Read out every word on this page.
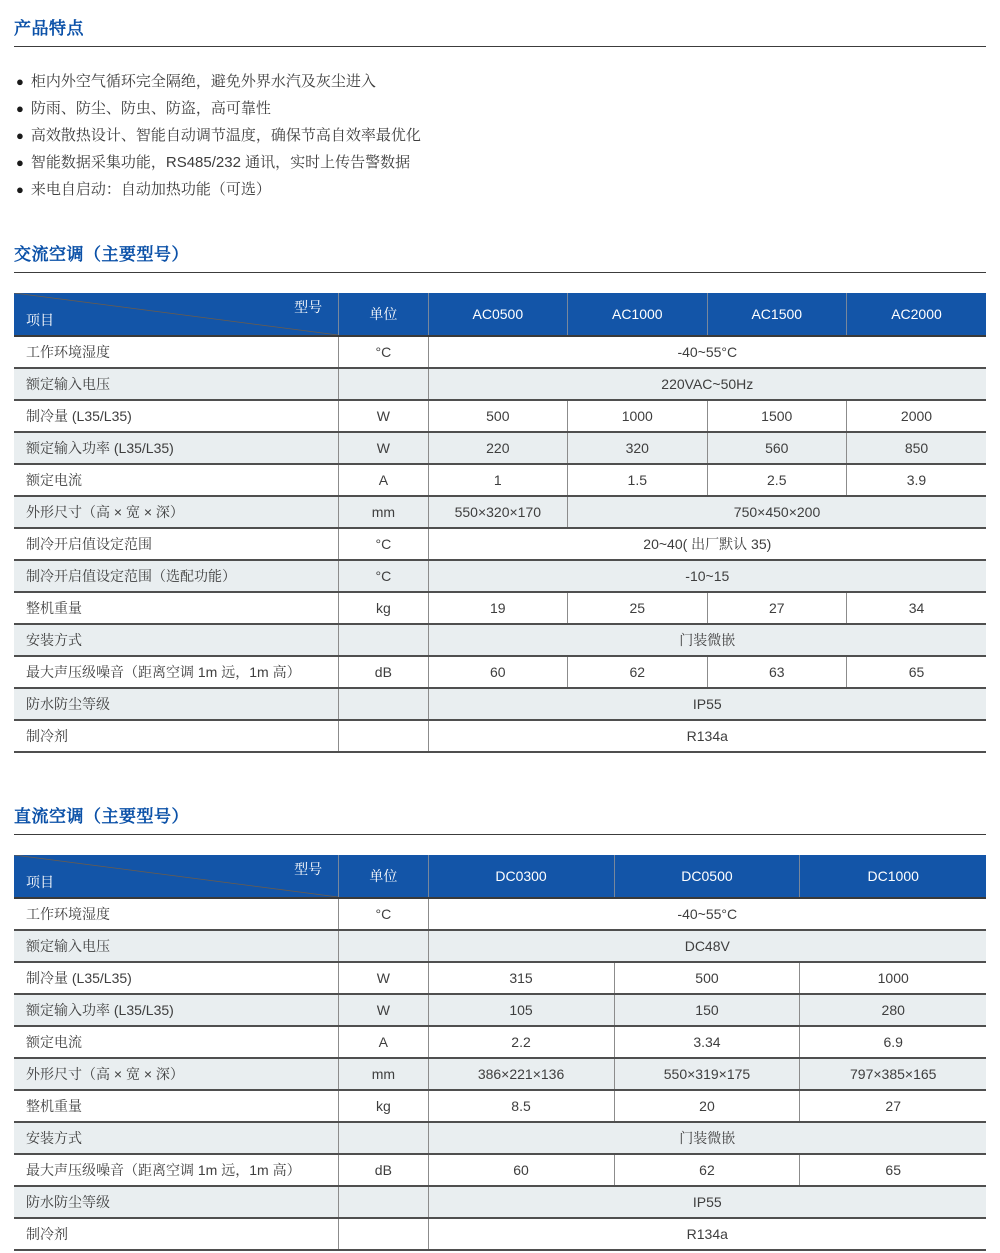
产品特点
● 柜内外空气循环完全隔绝，避免外界水汽及灰尘进入
● 防雨、防尘、防虫、防盗，高可靠性
● 高效散热设计、智能自动调节温度，确保节高自效率最优化
● 智能数据采集功能，RS485/232 通讯，实时上传告警数据
● 来电自启动：自动加热功能（可选）
交流空调（主要型号）
型号
项目	单位	AC0500	AC1000	AC1500	AC2000
工作环境湿度	°C	-40~55°C			
额定输入电压		220VAC~50Hz			
制冷量 (L35/L35)	W	500	1000	1500	2000
额定输入功率 (L35/L35)	W	220	320	560	850
额定电流	A	1	1.5	2.5	3.9
外形尺寸（高 × 宽 × 深）	mm	550×320×170	750×450×200		
制冷开启值设定范围	°C	20~40( 出厂默认 35)			
制冷开启值设定范围（选配功能）	°C	-10~15			
整机重量	kg	19	25	27	34
安装方式		门装微嵌			
最大声压级噪音（距离空调 1m 远，1m 高）	dB	60	62	63	65
防水防尘等级		IP55			
制冷剂		R134a			
直流空调（主要型号）
型号
项目	单位	DC0300	DC0500	DC1000
工作环境湿度	°C	-40~55°C		
额定输入电压		DC48V		
制冷量 (L35/L35)	W	315	500	1000
额定输入功率 (L35/L35)	W	105	150	280
额定电流	A	2.2	3.34	6.9
外形尺寸（高 × 宽 × 深）	mm	386×221×136	550×319×175	797×385×165
整机重量	kg	8.5	20	27
安装方式		门装微嵌		
最大声压级噪音（距离空调 1m 远，1m 高）	dB	60	62	65
防水防尘等级		IP55		
制冷剂		R134a		
